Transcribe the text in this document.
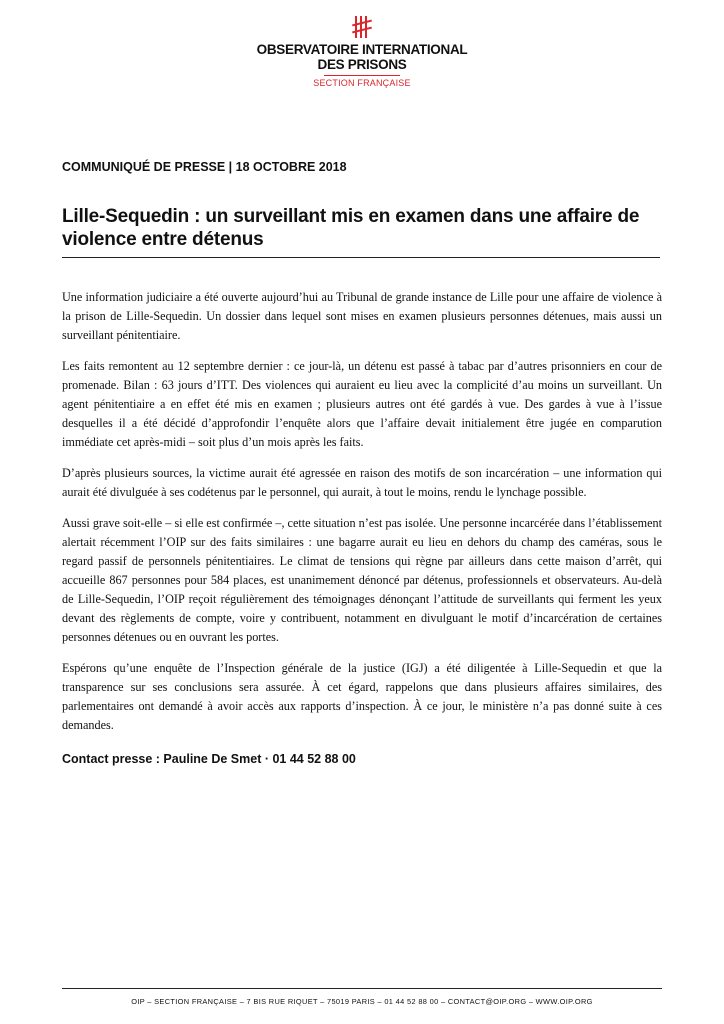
OBSERVATOIRE INTERNATIONAL
DES PRISONS
SECTION FRANÇAISE
COMMUNIQUÉ DE PRESSE | 18 OCTOBRE 2018
Lille-Sequedin : un surveillant mis en examen dans une affaire de violence entre détenus

Une information judiciaire a été ouverte aujourd’hui au Tribunal de grande instance de Lille pour une affaire de violence à la prison de Lille-Sequedin. Un dossier dans lequel sont mises en examen plusieurs personnes détenues, mais aussi un surveillant pénitentiaire.

Les faits remontent au 12 septembre dernier : ce jour-là, un détenu est passé à tabac par d’autres prisonniers en cour de promenade. Bilan : 63 jours d’ITT. Des violences qui auraient eu lieu avec la complicité d’au moins un surveillant. Un agent pénitentiaire a en effet été mis en examen ; plusieurs autres ont été gardés à vue. Des gardes à vue à l’issue desquelles il a été décidé d’approfondir l’enquête alors que l’affaire devait initialement être jugée en comparution immédiate cet après-midi – soit plus d’un mois après les faits.

D’après plusieurs sources, la victime aurait été agressée en raison des motifs de son incarcération – une information qui aurait été divulguée à ses codétenus par le personnel, qui aurait, à tout le moins, rendu le lynchage possible.

Aussi grave soit-elle – si elle est confirmée –, cette situation n’est pas isolée. Une personne incarcérée dans l’établissement alertait récemment l’OIP sur des faits similaires : une bagarre aurait eu lieu en dehors du champ des caméras, sous le regard passif de personnels pénitentiaires. Le climat de tensions qui règne par ailleurs dans cette maison d’arrêt, qui accueille 867 personnes pour 584 places, est unanimement dénoncé par détenus, professionnels et observateurs. Au-delà de Lille-Sequedin, l’OIP reçoit régulièrement des témoignages dénonçant l’attitude de surveillants qui ferment les yeux devant des règlements de compte, voire y contribuent, notamment en divulguant le motif d’incarcération de certaines personnes détenues ou en ouvrant les portes.

Espérons qu’une enquête de l’Inspection générale de la justice (IGJ) a été diligentée à Lille-Sequedin et que la transparence sur ses conclusions sera assurée. À cet égard, rappelons que dans plusieurs affaires similaires, des parlementaires ont demandé à avoir accès aux rapports d’inspection. À ce jour, le ministère n’a pas donné suite à ces demandes.

Contact presse : Pauline De Smet · 01 44 52 88 00
OIP – SECTION FRANÇAISE – 7 BIS RUE RIQUET – 75019 PARIS – 01 44 52 88 00 – CONTACT@OIP.ORG – WWW.OIP.ORG
